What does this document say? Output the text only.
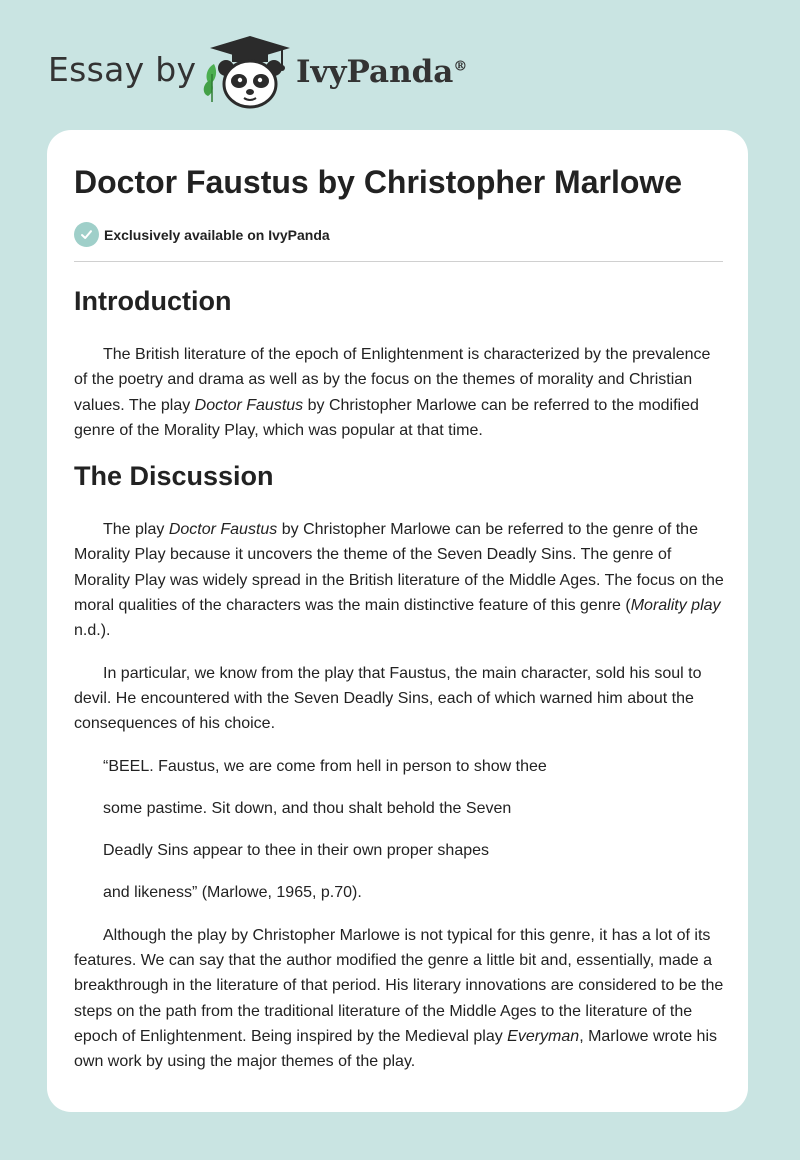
Essay by	IvyPanda®
Doctor Faustus by Christopher Marlowe
Exclusively available on IvyPanda
Introduction

The British literature of the epoch of Enlightenment is characterized by the prevalence of the poetry and drama as well as by the focus on the themes of morality and Christian values. The play Doctor Faustus by Christopher Marlowe can be referred to the modified genre of the Morality Play, which was popular at that time.

The Discussion

The play Doctor Faustus by Christopher Marlowe can be referred to the genre of the Morality Play because it uncovers the theme of the Seven Deadly Sins. The genre of Morality Play was widely spread in the British literature of the Middle Ages. The focus on the moral qualities of the characters was the main distinctive feature of this genre (Morality play n.d.).

In particular, we know from the play that Faustus, the main character, sold his soul to devil. He encountered with the Seven Deadly Sins, each of which warned him about the consequences of his choice.

“BEEL. Faustus, we are come from hell in person to show thee

some pastime. Sit down, and thou shalt behold the Seven

Deadly Sins appear to thee in their own proper shapes

and likeness” (Marlowe, 1965, p.70).

Although the play by Christopher Marlowe is not typical for this genre, it has a lot of its features. We can say that the author modified the genre a little bit and, essentially, made a breakthrough in the literature of that period. His literary innovations are considered to be the steps on the path from the traditional literature of the Middle Ages to the literature of the epoch of Enlightenment. Being inspired by the Medieval play Everyman, Marlowe wrote his own work by using the major themes of the play.
